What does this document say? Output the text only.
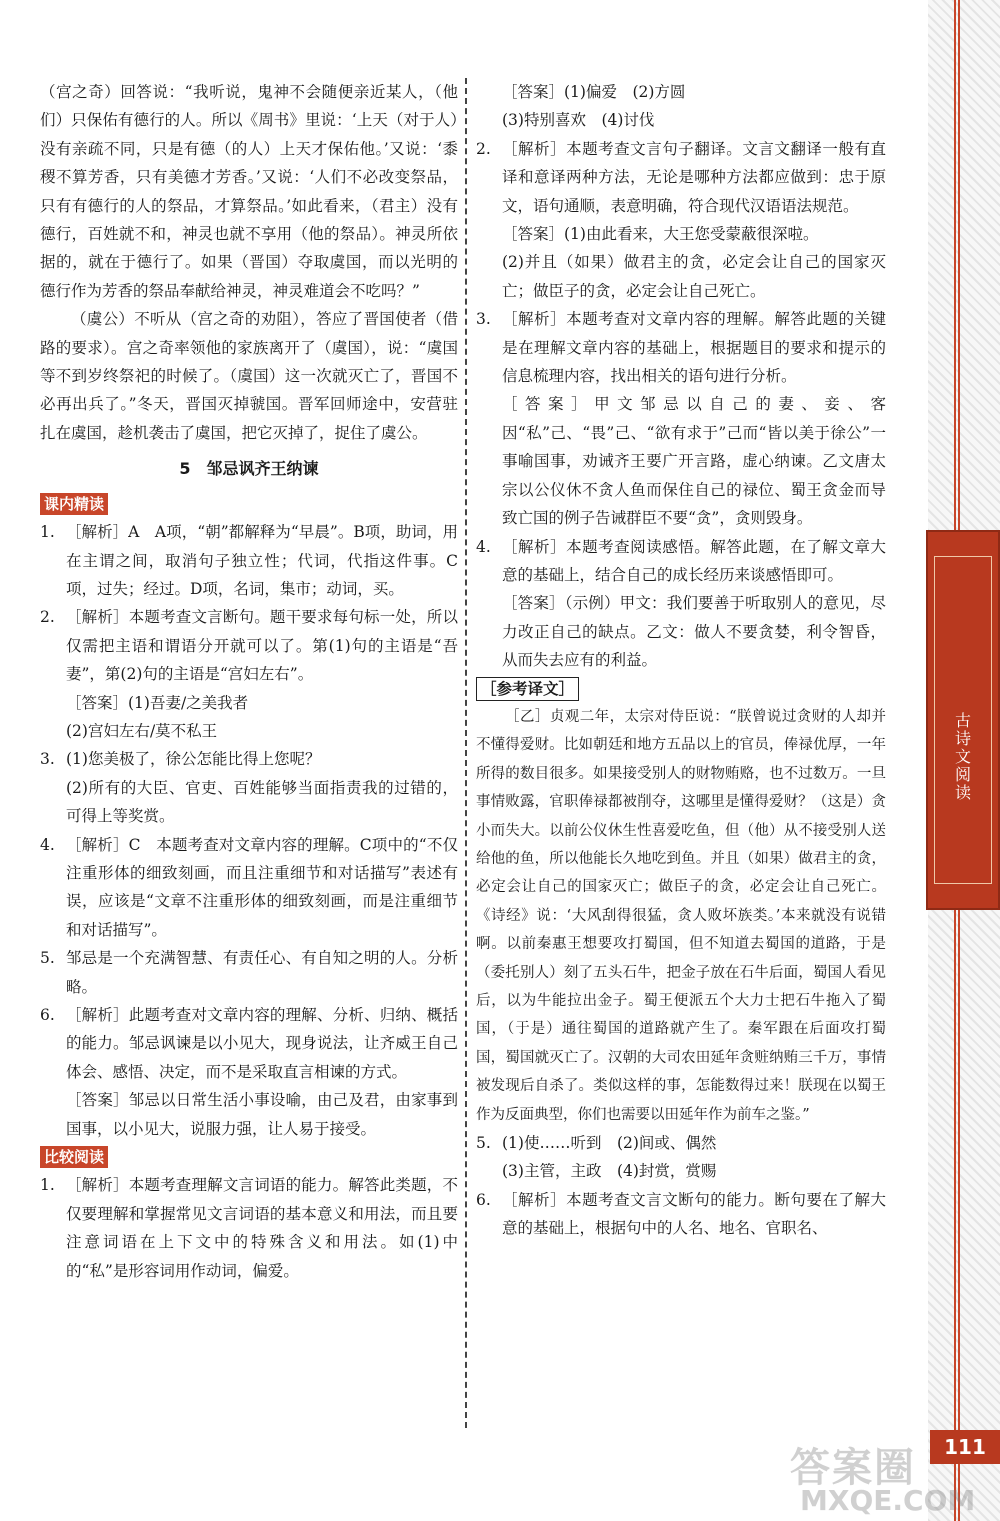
（宫之奇）回答说：“我听说，鬼神不会随便亲近某人，（他们）只保佑有德行的人。所以《周书》里说：‘上天（对于人）没有亲疏不同，只是有德（的人）上天才保佑他。’又说：‘黍稷不算芳香，只有美德才芳香。’又说：‘人们不必改变祭品，只有有德行的人的祭品，才算祭品。’如此看来，（君主）没有德行，百姓就不和，神灵也就不享用（他的祭品）。神灵所依据的，就在于德行了。如果（晋国）夺取虞国，而以光明的德行作为芳香的祭品奉献给神灵，神灵难道会不吃吗？”

（虞公）不听从（宫之奇的劝阻），答应了晋国使者（借路的要求）。宫之奇率领他的家族离开了（虞国），说：“虞国等不到岁终祭祀的时候了。（虞国）这一次就灭亡了，晋国不必再出兵了。”冬天，晋国灭掉虢国。晋军回师途中，安营驻扎在虞国，趁机袭击了虞国，把它灭掉了，捉住了虞公。

5　邹忌讽齐王纳谏
课内精读
1. ［解析］A　A项，“朝”都解释为“早晨”。B项，助词，用在主谓之间，取消句子独立性；代词，代指这件事。C项，过失；经过。D项，名词，集市；动词，买。

2. ［解析］本题考查文言断句。题干要求每句标一处，所以仅需把主语和谓语分开就可以了。第(1)句的主语是“吾妻”，第(2)句的主语是“宫妇左右”。

［答案］(1)吾妻/之美我者

(2)宫妇左右/莫不私王

3. (1)您美极了，徐公怎能比得上您呢？

(2)所有的大臣、官吏、百姓能够当面指责我的过错的，可得上等奖赏。

4. ［解析］C　本题考查对文章内容的理解。C项中的“不仅注重形体的细致刻画，而且注重细节和对话描写”表述有误，应该是“文章不注重形体的细致刻画，而是注重细节和对话描写”。

5. 邹忌是一个充满智慧、有责任心、有自知之明的人。分析略。

6. ［解析］此题考查对文章内容的理解、分析、归纳、概括的能力。邹忌讽谏是以小见大，现身说法，让齐威王自己体会、感悟、决定，而不是采取直言相谏的方式。

［答案］邹忌以日常生活小事设喻，由己及君，由家事到国事，以小见大，说服力强，让人易于接受。

比较阅读
1. ［解析］本题考查理解文言词语的能力。解答此类题，不仅要理解和掌握常见文言词语的基本意义和用法，而且要注意词语在上下文中的特殊含义和用法。如(1)中的“私”是形容词用作动词，偏爱。

［答案］(1)偏爱　(2)方圆

(3)特别喜欢　(4)讨伐

2. ［解析］本题考查文言句子翻译。文言文翻译一般有直译和意译两种方法，无论是哪种方法都应做到：忠于原文，语句通顺，表意明确，符合现代汉语语法规范。

［答案］(1)由此看来，大王您受蒙蔽很深啦。

(2)并且（如果）做君主的贪，必定会让自己的国家灭亡；做臣子的贪，必定会让自己死亡。

3. ［解析］本题考查对文章内容的理解。解答此题的关键是在理解文章内容的基础上，根据题目的要求和提示的信息梳理内容，找出相关的语句进行分析。

［答案］甲文邹忌以自己的妻、妾、客因“私”己、“畏”己、“欲有求于”己而“皆以美于徐公”一事喻国事，劝诫齐王要广开言路，虚心纳谏。乙文唐太宗以公仪休不贪人鱼而保住自己的禄位、蜀王贪金而导致亡国的例子告诫群臣不要“贪”，贪则毁身。

4. ［解析］本题考查阅读感悟。解答此题，在了解文章大意的基础上，结合自己的成长经历来谈感悟即可。

［答案］（示例）甲文：我们要善于听取别人的意见，尽力改正自己的缺点。乙文：做人不要贪婪，利令智昏，从而失去应有的利益。

［参考译文］

［乙］贞观二年，太宗对侍臣说：“朕曾说过贪财的人却并不懂得爱财。比如朝廷和地方五品以上的官员，俸禄优厚，一年所得的数目很多。如果接受别人的财物贿赂，也不过数万。一旦事情败露，官职俸禄都被削夺，这哪里是懂得爱财？（这是）贪小而失大。以前公仪休生性喜爱吃鱼，但（他）从不接受别人送给他的鱼，所以他能长久地吃到鱼。并且（如果）做君主的贪，必定会让自己的国家灭亡；做臣子的贪，必定会让自己死亡。《诗经》说：‘大风刮得很猛，贪人败坏族类。’本来就没有说错啊。以前秦惠王想要攻打蜀国，但不知道去蜀国的道路，于是（委托别人）刻了五头石牛，把金子放在石牛后面，蜀国人看见后，以为牛能拉出金子。蜀王便派五个大力士把石牛拖入了蜀国，（于是）通往蜀国的道路就产生了。秦军跟在后面攻打蜀国，蜀国就灭亡了。汉朝的大司农田延年贪赃纳贿三千万，事情被发现后自杀了。类似这样的事，怎能数得过来！朕现在以蜀王作为反面典型，你们也需要以田延年作为前车之鉴。”

5. (1)使……听到　(2)间或、偶然

(3)主管，主政　(4)封赏，赏赐

6. ［解析］本题考查文言文断句的能力。断句要在了解大意的基础上，根据句中的人名、地名、官职名、

古诗文阅读
111
答案圈
MXQE.COM
